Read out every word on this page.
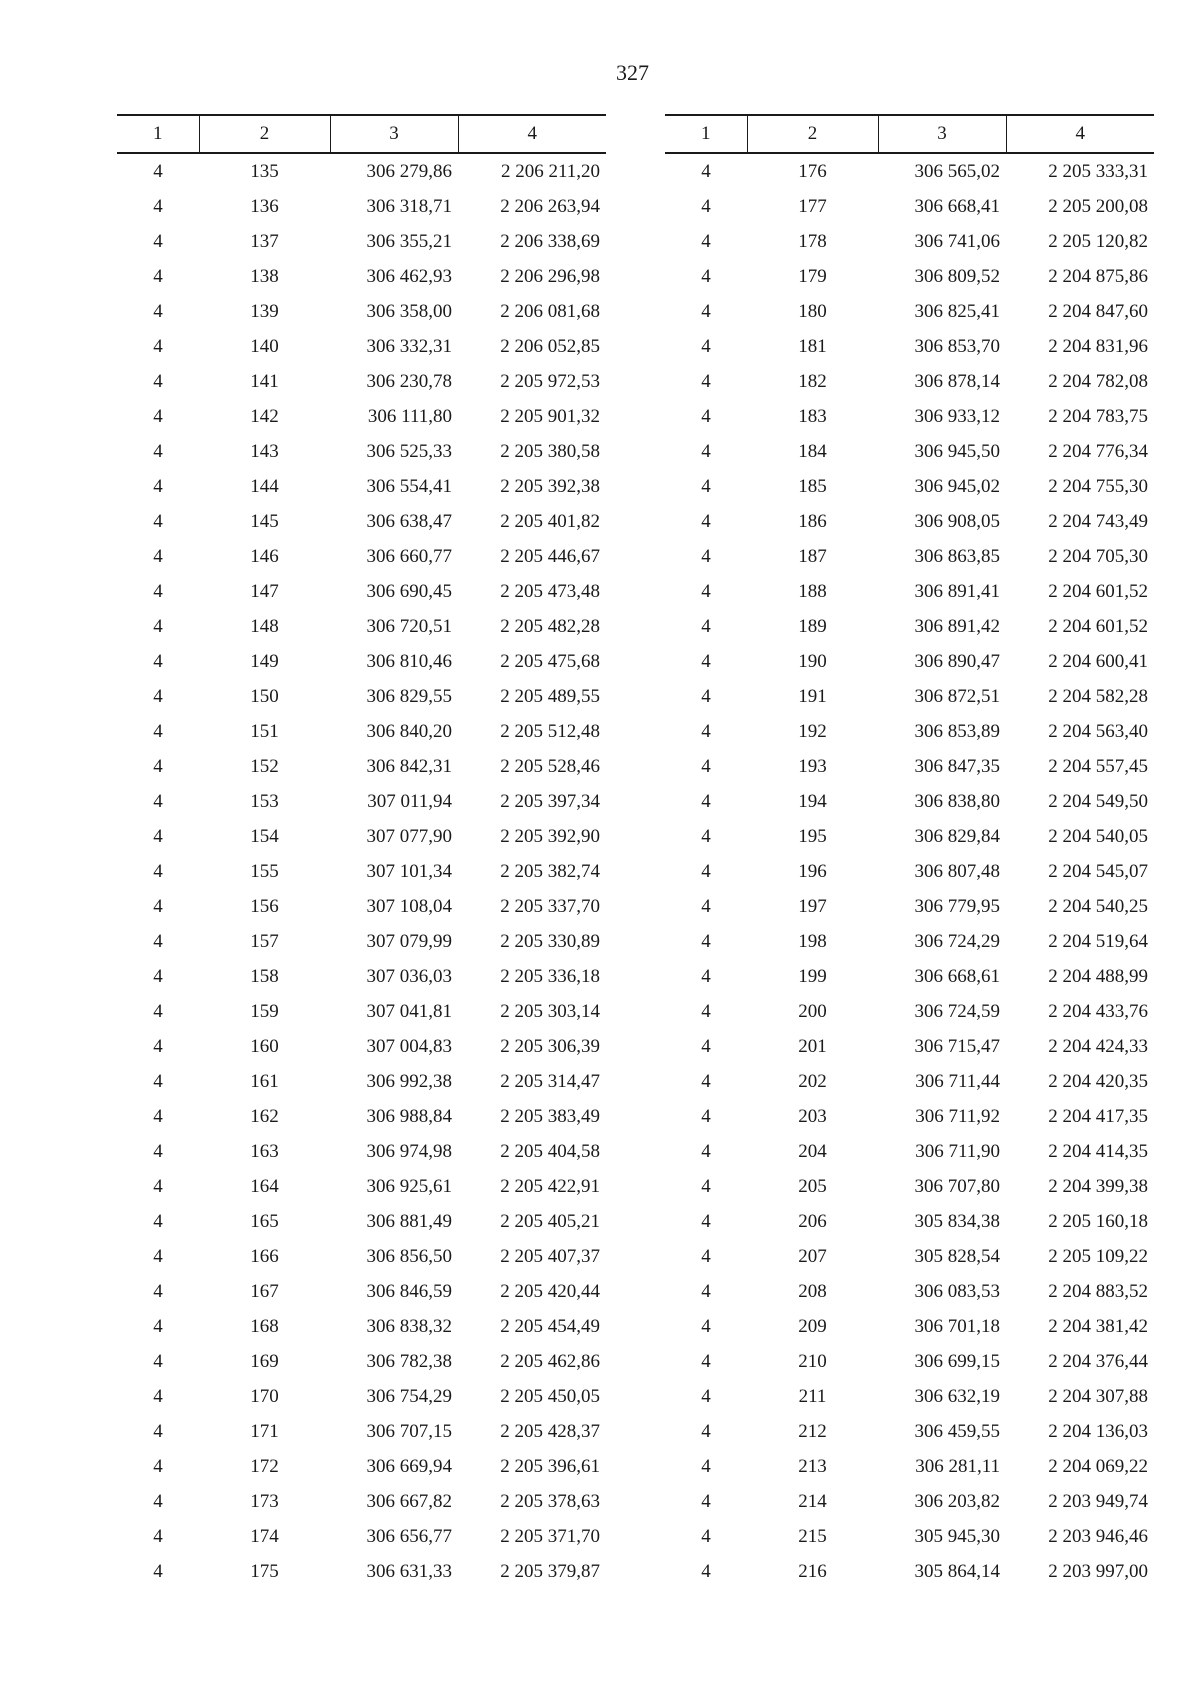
327
1	2	3	4
4	135	306 279,86	2 206 211,20
4	136	306 318,71	2 206 263,94
4	137	306 355,21	2 206 338,69
4	138	306 462,93	2 206 296,98
4	139	306 358,00	2 206 081,68
4	140	306 332,31	2 206 052,85
4	141	306 230,78	2 205 972,53
4	142	306 111,80	2 205 901,32
4	143	306 525,33	2 205 380,58
4	144	306 554,41	2 205 392,38
4	145	306 638,47	2 205 401,82
4	146	306 660,77	2 205 446,67
4	147	306 690,45	2 205 473,48
4	148	306 720,51	2 205 482,28
4	149	306 810,46	2 205 475,68
4	150	306 829,55	2 205 489,55
4	151	306 840,20	2 205 512,48
4	152	306 842,31	2 205 528,46
4	153	307 011,94	2 205 397,34
4	154	307 077,90	2 205 392,90
4	155	307 101,34	2 205 382,74
4	156	307 108,04	2 205 337,70
4	157	307 079,99	2 205 330,89
4	158	307 036,03	2 205 336,18
4	159	307 041,81	2 205 303,14
4	160	307 004,83	2 205 306,39
4	161	306 992,38	2 205 314,47
4	162	306 988,84	2 205 383,49
4	163	306 974,98	2 205 404,58
4	164	306 925,61	2 205 422,91
4	165	306 881,49	2 205 405,21
4	166	306 856,50	2 205 407,37
4	167	306 846,59	2 205 420,44
4	168	306 838,32	2 205 454,49
4	169	306 782,38	2 205 462,86
4	170	306 754,29	2 205 450,05
4	171	306 707,15	2 205 428,37
4	172	306 669,94	2 205 396,61
4	173	306 667,82	2 205 378,63
4	174	306 656,77	2 205 371,70
4	175	306 631,33	2 205 379,87
1	2	3	4
4	176	306 565,02	2 205 333,31
4	177	306 668,41	2 205 200,08
4	178	306 741,06	2 205 120,82
4	179	306 809,52	2 204 875,86
4	180	306 825,41	2 204 847,60
4	181	306 853,70	2 204 831,96
4	182	306 878,14	2 204 782,08
4	183	306 933,12	2 204 783,75
4	184	306 945,50	2 204 776,34
4	185	306 945,02	2 204 755,30
4	186	306 908,05	2 204 743,49
4	187	306 863,85	2 204 705,30
4	188	306 891,41	2 204 601,52
4	189	306 891,42	2 204 601,52
4	190	306 890,47	2 204 600,41
4	191	306 872,51	2 204 582,28
4	192	306 853,89	2 204 563,40
4	193	306 847,35	2 204 557,45
4	194	306 838,80	2 204 549,50
4	195	306 829,84	2 204 540,05
4	196	306 807,48	2 204 545,07
4	197	306 779,95	2 204 540,25
4	198	306 724,29	2 204 519,64
4	199	306 668,61	2 204 488,99
4	200	306 724,59	2 204 433,76
4	201	306 715,47	2 204 424,33
4	202	306 711,44	2 204 420,35
4	203	306 711,92	2 204 417,35
4	204	306 711,90	2 204 414,35
4	205	306 707,80	2 204 399,38
4	206	305 834,38	2 205 160,18
4	207	305 828,54	2 205 109,22
4	208	306 083,53	2 204 883,52
4	209	306 701,18	2 204 381,42
4	210	306 699,15	2 204 376,44
4	211	306 632,19	2 204 307,88
4	212	306 459,55	2 204 136,03
4	213	306 281,11	2 204 069,22
4	214	306 203,82	2 203 949,74
4	215	305 945,30	2 203 946,46
4	216	305 864,14	2 203 997,00
